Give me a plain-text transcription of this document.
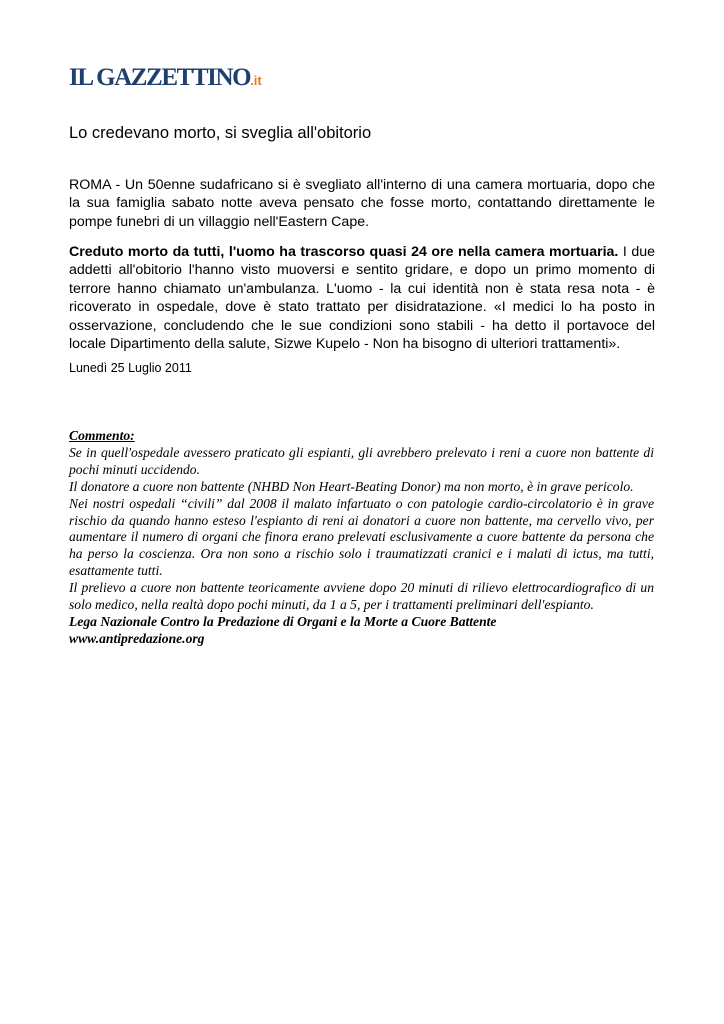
IL GAZZETTINO.it
Lo credevano morto, si sveglia all'obitorio

ROMA - Un 50enne sudafricano si è svegliato all'interno di una camera mortuaria, dopo che la sua famiglia sabato notte aveva pensato che fosse morto, contattando direttamente le pompe funebri di un villaggio nell'Eastern Cape.

Creduto morto da tutti, l'uomo ha trascorso quasi 24 ore nella camera mortuaria. I due addetti all'obitorio l'hanno visto muoversi e sentito gridare, e dopo un primo momento di terrore hanno chiamato un'ambulanza. L'uomo - la cui identità non è stata resa nota - è ricoverato in ospedale, dove è stato trattato per disidratazione. «I medici lo ha posto in osservazione, concludendo che le sue condizioni sono stabili - ha detto il portavoce del locale Dipartimento della salute, Sizwe Kupelo - Non ha bisogno di ulteriori trattamenti».

Lunedì 25 Luglio 2011
Commento:
Se in quell'ospedale avessero praticato gli espianti, gli avrebbero prelevato i reni a cuore non battente di pochi minuti uccidendo.
Il donatore a cuore non battente (NHBD Non Heart-Beating Donor) ma non morto, è in grave pericolo.
Nei nostri ospedali “civili” dal 2008 il malato infartuato o con patologie cardio-circolatorio è in grave rischio da quando hanno esteso l'espianto di reni ai donatori a cuore non battente, ma cervello vivo, per aumentare il numero di organi che finora erano prelevati esclusivamente a cuore battente da persona che ha perso la coscienza. Ora non sono a rischio solo i traumatizzati cranici e i malati di ictus, ma tutti, esattamente tutti.
Il prelievo a cuore non battente teoricamente avviene dopo 20 minuti di rilievo elettrocardiografico di un solo medico, nella realtà dopo pochi minuti, da 1 a 5, per i trattamenti preliminari dell'espianto.
Lega Nazionale Contro la Predazione di Organi e la Morte a Cuore Battente
www.antipredazione.org
